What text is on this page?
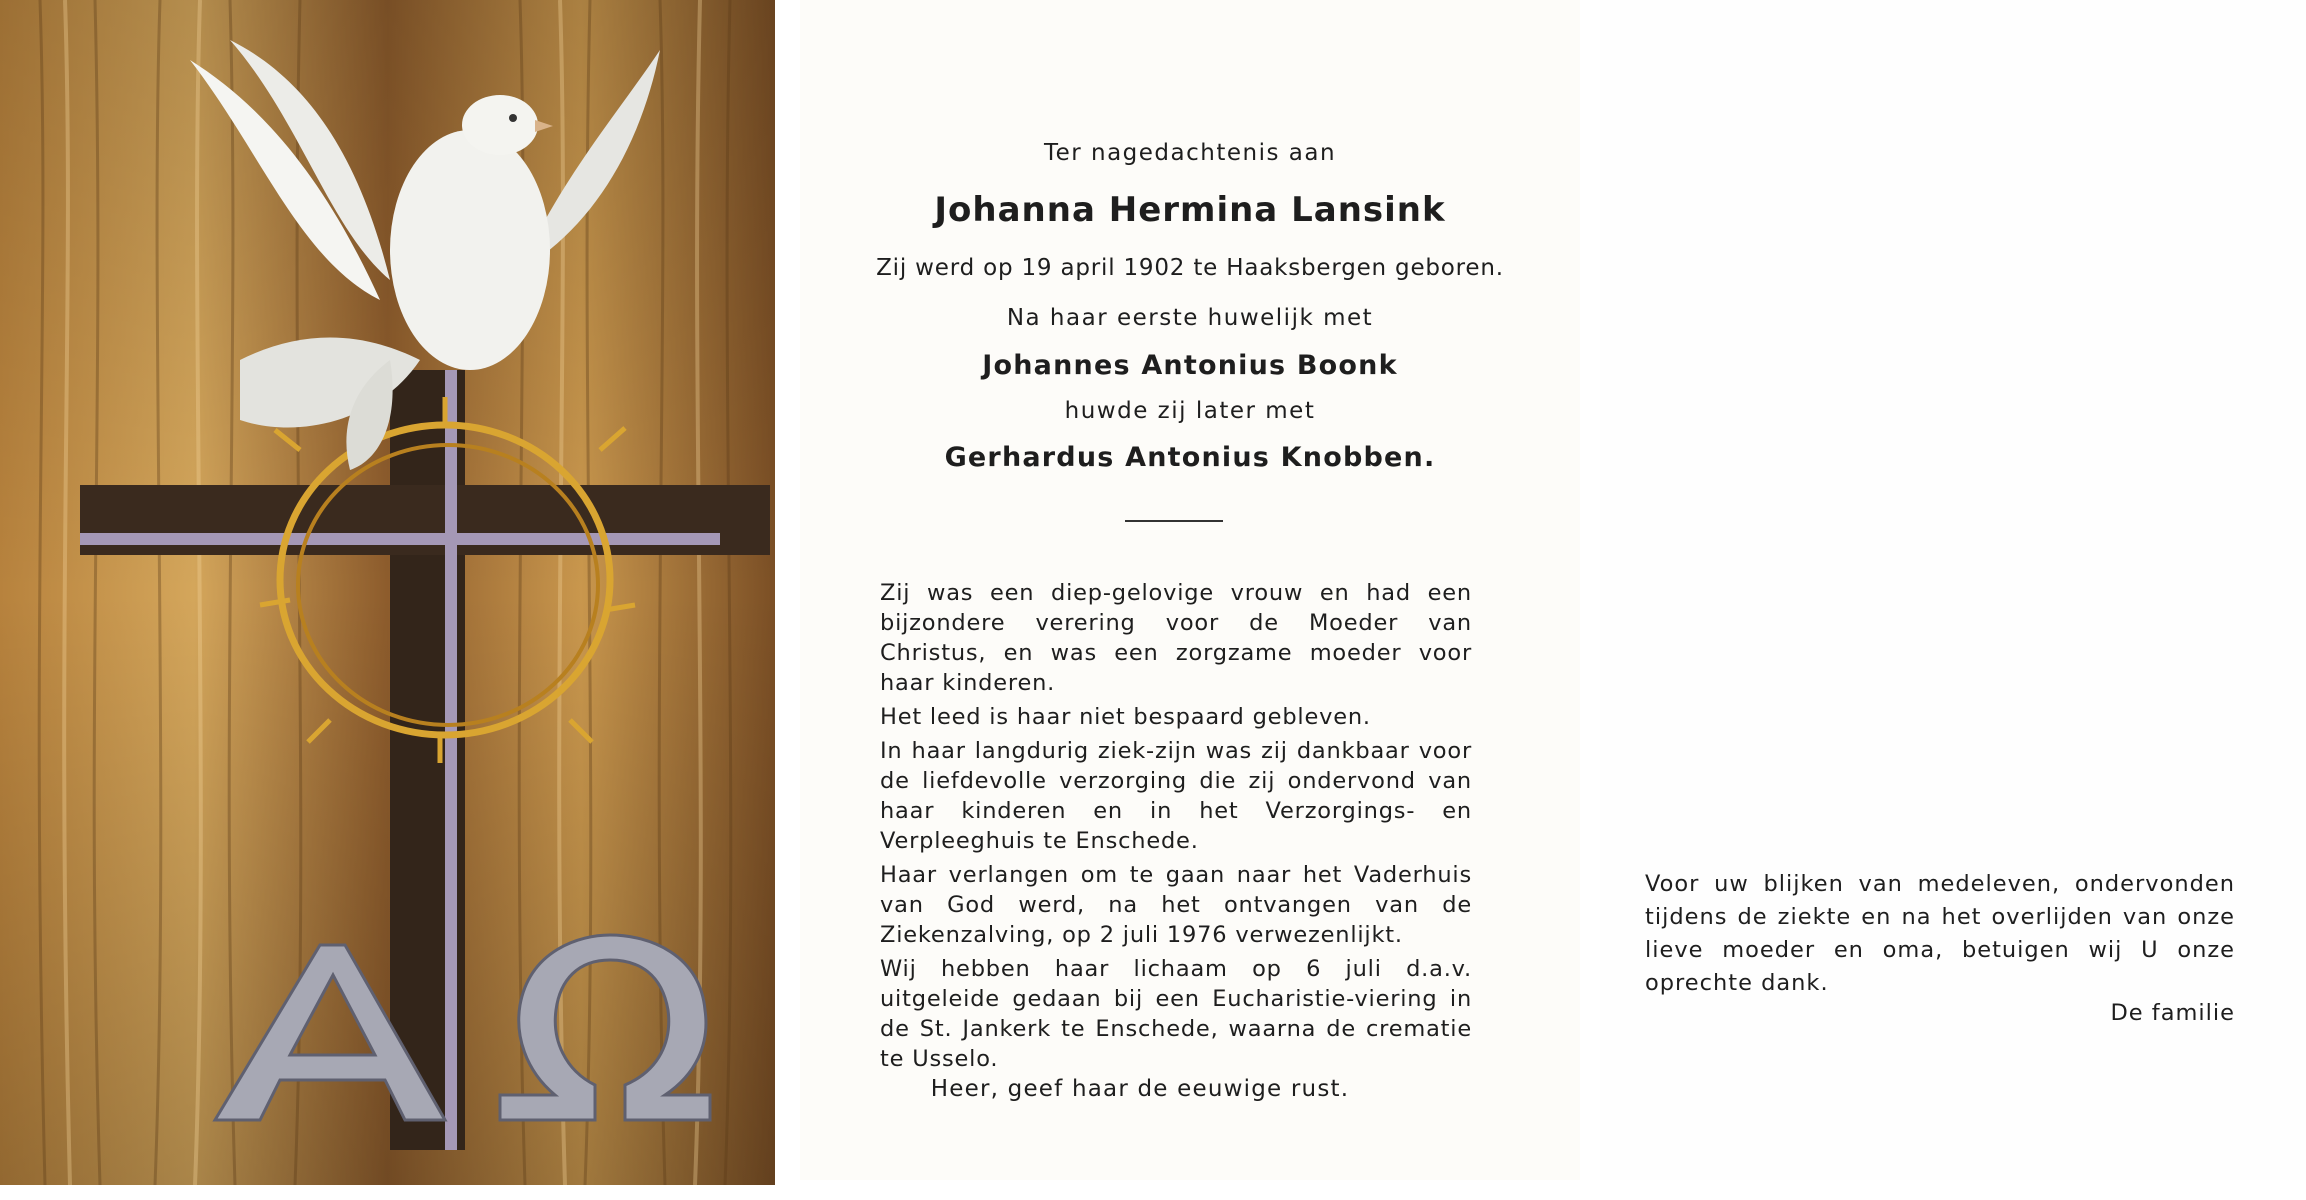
Ter nagedachtenis aan
Johanna Hermina Lansink
Zij werd op 19 april 1902 te Haaksbergen geboren.
Na haar eerste huwelijk met
Johannes Antonius Boonk
huwde zij later met
Gerhardus Antonius Knobben.

Zij was een diep-gelovige vrouw en had een bijzondere verering voor de Moeder van Christus, en was een zorgzame moeder voor haar kinderen.

Het leed is haar niet bespaard gebleven.

In haar langdurig ziek-zijn was zij dankbaar voor de liefdevolle verzorging die zij ondervond van haar kinderen en in het Verzorgings- en Verpleeghuis te Enschede.

Haar verlangen om te gaan naar het Vaderhuis van God werd, na het ontvangen van de Ziekenzalving, op 2 juli 1976 verwezenlijkt.

Wij hebben haar lichaam op 6 juli d.a.v. uitgeleide gedaan bij een Eucharistie-viering in de St. Jankerk te Enschede, waarna de crematie te Usselo.

Heer, geef haar de eeuwige rust.
Voor uw blijken van medeleven, ondervonden tijdens de ziekte en na het overlijden van onze lieve moeder en oma, betuigen wij U onze oprechte dank.
De familie
